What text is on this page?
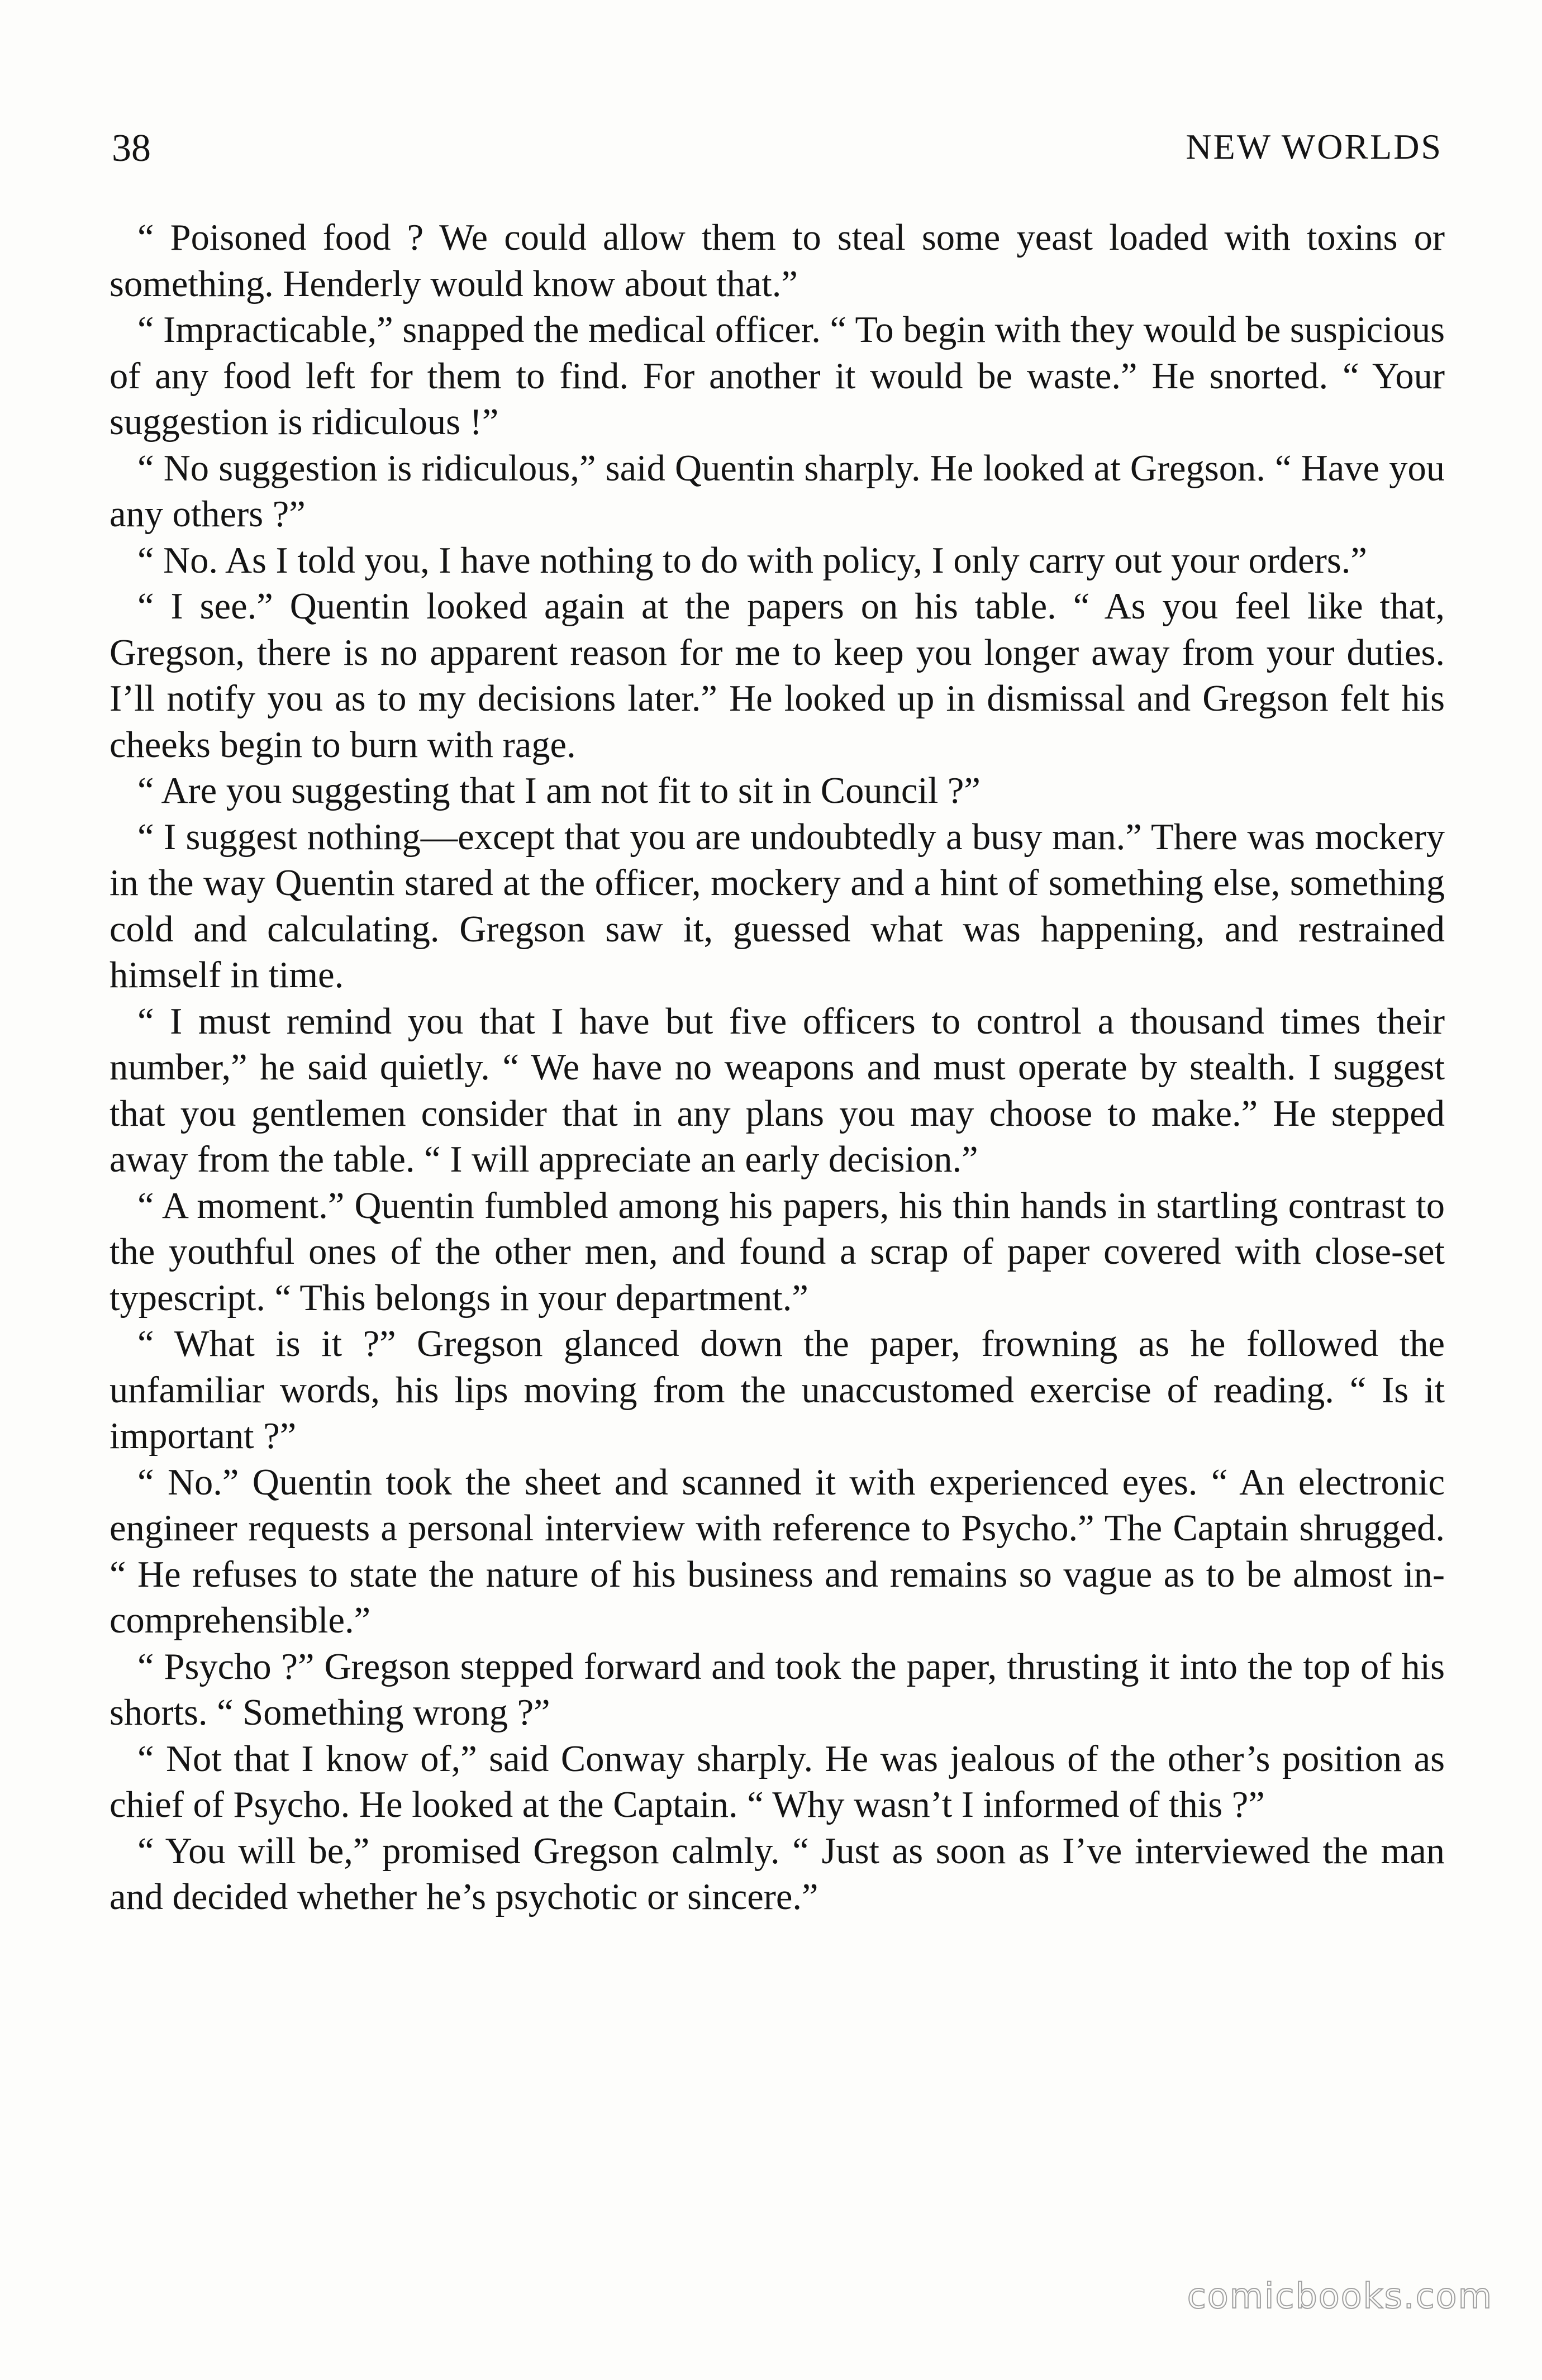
38	NEW WORLDS

“ Poisoned food ? We could allow them to steal some yeast loaded with toxins or something. Henderly would know about that.”

“ Impracticable,” snapped the medical officer. “ To begin with they would be suspicious of any food left for them to find. For another it would be waste.” He snorted. “ Your suggestion is ridiculous !”

“ No suggestion is ridiculous,” said Quentin sharply. He looked at Gregson. “ Have you any others ?”

“ No. As I told you, I have nothing to do with policy, I only carry out your orders.”

“ I see.” Quentin looked again at the papers on his table. “ As you feel like that, Gregson, there is no apparent reason for me to keep you longer away from your duties. I’ll notify you as to my decisions later.” He looked up in dismissal and Gregson felt his cheeks begin to burn with rage.

“ Are you suggesting that I am not fit to sit in Council ?”

“ I suggest nothing—except that you are undoubtedly a busy man.” There was mockery in the way Quentin stared at the officer, mockery and a hint of something else, something cold and calculating. Gregson saw it, guessed what was happening, and restrained himself in time.

“ I must remind you that I have but five officers to control a thousand times their number,” he said quietly. “ We have no weapons and must operate by stealth. I suggest that you gentlemen consider that in any plans you may choose to make.” He stepped away from the table. “ I will appreciate an early decision.”

“ A moment.” Quentin fumbled among his papers, his thin hands in startling contrast to the youthful ones of the other men, and found a scrap of paper covered with close-set typescript. “ This belongs in your department.”

“ What is it ?” Gregson glanced down the paper, frowning as he followed the unfamiliar words, his lips moving from the unaccustomed exercise of reading. “ Is it important ?”

“ No.” Quentin took the sheet and scanned it with experienced eyes. “ An electronic engineer requests a personal interview with reference to Psycho.” The Captain shrugged. “ He refuses to state the nature of his business and remains so vague as to be almost in- comprehensible.”

“ Psycho ?” Gregson stepped forward and took the paper, thrusting it into the top of his shorts. “ Something wrong ?”

“ Not that I know of,” said Conway sharply. He was jealous of the other’s position as chief of Psycho. He looked at the Captain. “ Why wasn’t I informed of this ?”

“ You will be,” promised Gregson calmly. “ Just as soon as I’ve interviewed the man and decided whether he’s psychotic or sincere.”

comicbooks.com
